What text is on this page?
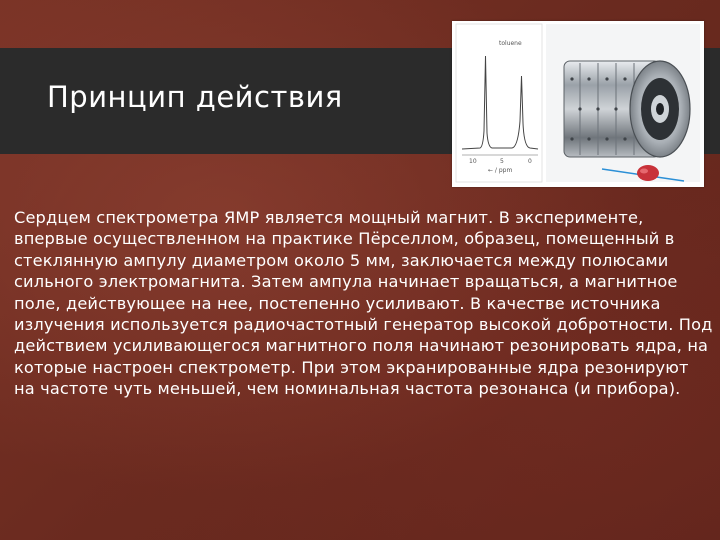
Принцип действия
toluene
10	5	0
← / ppm

Сердцем спектрометра ЯМР является мощный магнит. В эксперименте, впервые осуществленном на практике Пёрселлом, образец, помещенный в стеклянную ампулу диаметром около 5 мм, заключается между полюсами сильного электромагнита. Затем ампула начинает вращаться, а магнитное поле, действующее на нее, постепенно усиливают. В качестве источника излучения используется радиочастотный генератор высокой добротности. Под действием усиливающегося магнитного поля начинают резонировать ядра, на которые настроен спектрометр. При этом экранированные ядра резонируют на частоте чуть меньшей, чем номинальная частота резонанса (и прибора).
